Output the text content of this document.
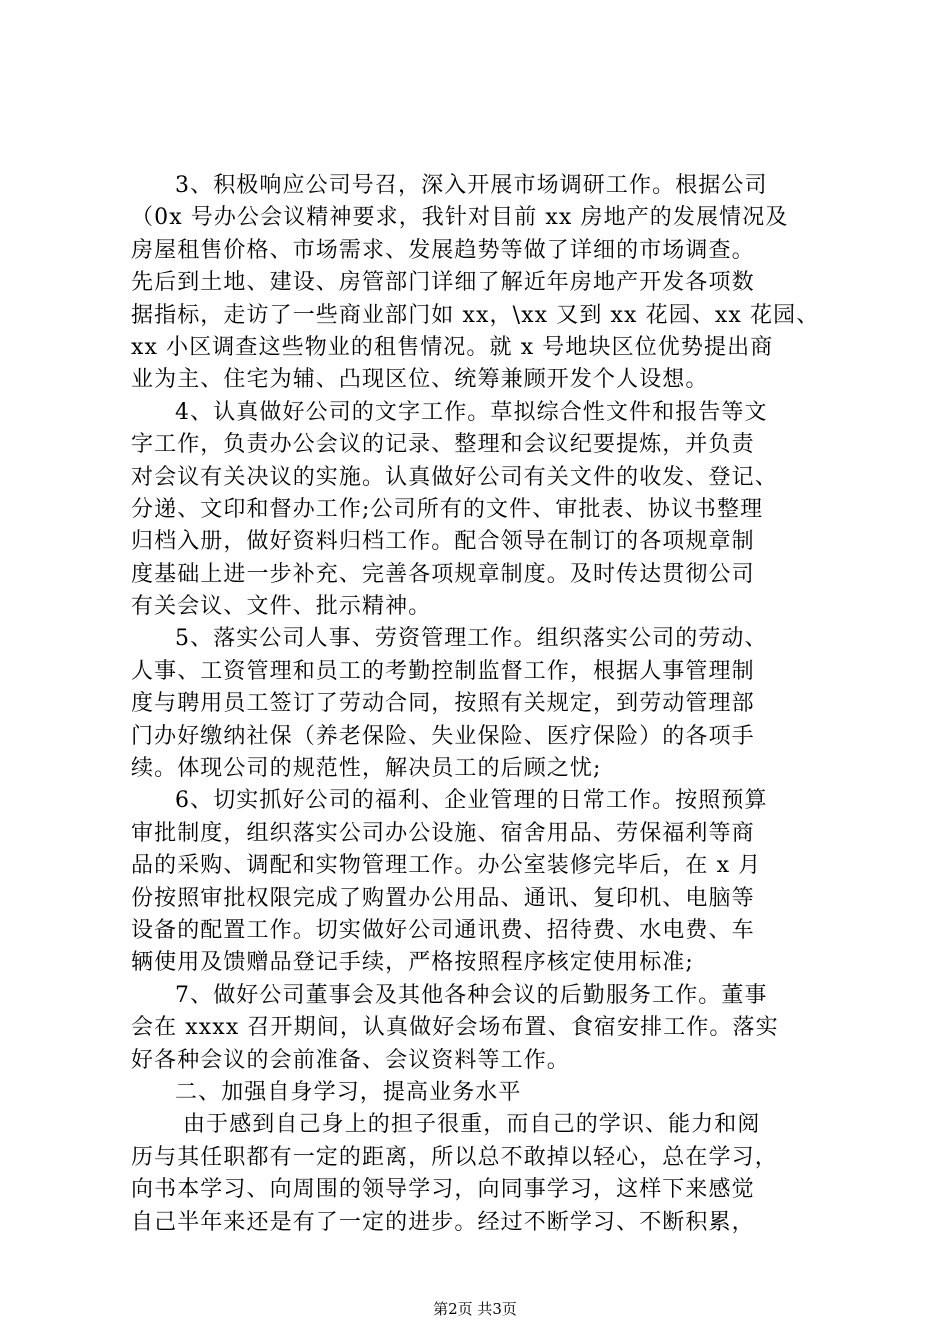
3、积极响应公司号召，深入开展市场调研工作。根据公司
（0x 号办公会议精神要求，我针对目前 xx 房地产的发展情况及
房屋租售价格、市场需求、发展趋势等做了详细的市场调查。
先后到土地、建设、房管部门详细了解近年房地产开发各项数
据指标，走访了一些商业部门如 xx，\xx 又到 xx 花园、xx 花园、
xx 小区调查这些物业的租售情况。就 x 号地块区位优势提出商
业为主、住宅为辅、凸现区位、统筹兼顾开发个人设想。
4、认真做好公司的文字工作。草拟综合性文件和报告等文
字工作，负责办公会议的记录、整理和会议纪要提炼，并负责
对会议有关决议的实施。认真做好公司有关文件的收发、登记、
分递、文印和督办工作;公司所有的文件、审批表、协议书整理
归档入册，做好资料归档工作。配合领导在制订的各项规章制
度基础上进一步补充、完善各项规章制度。及时传达贯彻公司
有关会议、文件、批示精神。
5、落实公司人事、劳资管理工作。组织落实公司的劳动、
人事、工资管理和员工的考勤控制监督工作，根据人事管理制
度与聘用员工签订了劳动合同，按照有关规定，到劳动管理部
门办好缴纳社保（养老保险、失业保险、医疗保险）的各项手
续。体现公司的规范性，解决员工的后顾之忧;
6、切实抓好公司的福利、企业管理的日常工作。按照预算
审批制度，组织落实公司办公设施、宿舍用品、劳保福利等商
品的采购、调配和实物管理工作。办公室装修完毕后，在 x 月
份按照审批权限完成了购置办公用品、通讯、复印机、电脑等
设备的配置工作。切实做好公司通讯费、招待费、水电费、车
辆使用及馈赠品登记手续，严格按照程序核定使用标准;
7、做好公司董事会及其他各种会议的后勤服务工作。董事
会在 xxxx 召开期间，认真做好会场布置、食宿安排工作。落实
好各种会议的会前准备、会议资料等工作。
二、加强自身学习，提高业务水平
由于感到自己身上的担子很重，而自己的学识、能力和阅
历与其任职都有一定的距离，所以总不敢掉以轻心，总在学习，
向书本学习、向周围的领导学习，向同事学习，这样下来感觉
自己半年来还是有了一定的进步。经过不断学习、不断积累，
第2页 共3页
